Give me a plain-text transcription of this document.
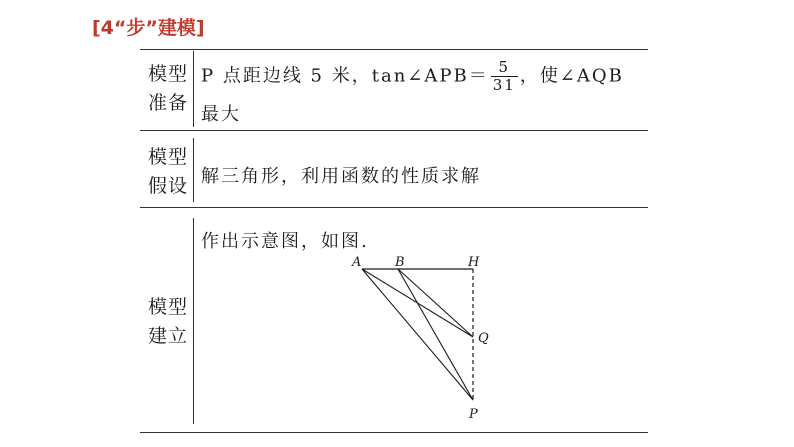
[4“步”建模]
模型
准备
P 点距边线 5 米，tan∠APB＝ $\frac{5}{31}$ ，使∠AQB
最大
模型
假设 解三角形，利用函数的性质求解
模型
建立
作出示意图，如图.
A	B	H
Q
P
